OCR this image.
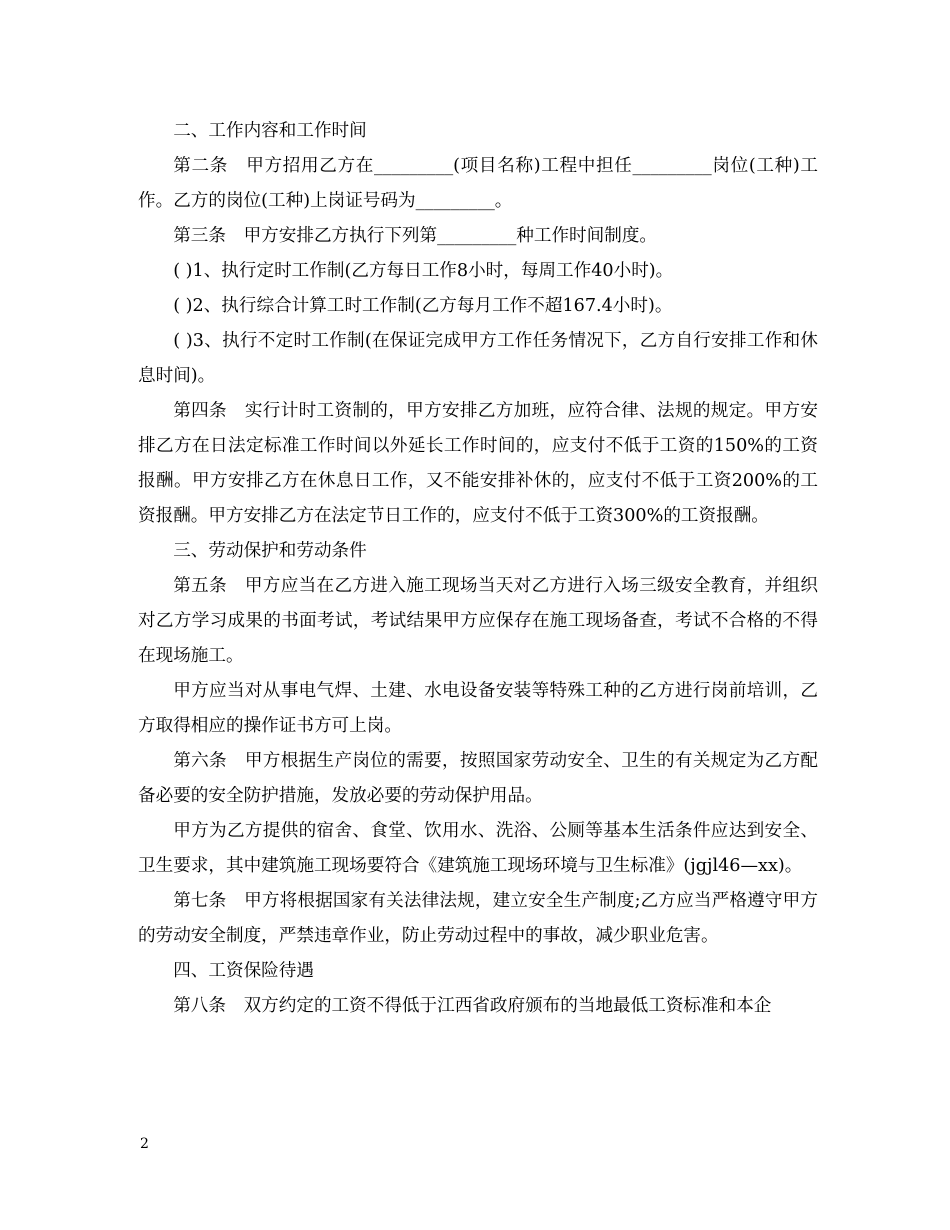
二、工作内容和工作时间

第二条　甲方招用乙方在_________(项目名称)工程中担任_________岗位(工种)工作。乙方的岗位(工种)上岗证号码为_________。

第三条　甲方安排乙方执行下列第_________种工作时间制度。

( )1、执行定时工作制(乙方每日工作8小时，每周工作40小时)。

( )2、执行综合计算工时工作制(乙方每月工作不超167.4小时)。

( )3、执行不定时工作制(在保证完成甲方工作任务情况下，乙方自行安排工作和休息时间)。

第四条　实行计时工资制的，甲方安排乙方加班，应符合律、法规的规定。甲方安排乙方在日法定标准工作时间以外延长工作时间的，应支付不低于工资的150%的工资报酬。甲方安排乙方在休息日工作，又不能安排补休的，应支付不低于工资200%的工资报酬。甲方安排乙方在法定节日工作的，应支付不低于工资300%的工资报酬。

三、劳动保护和劳动条件

第五条　甲方应当在乙方进入施工现场当天对乙方进行入场三级安全教育，并组织对乙方学习成果的书面考试，考试结果甲方应保存在施工现场备查，考试不合格的不得在现场施工。

甲方应当对从事电气焊、土建、水电设备安装等特殊工种的乙方进行岗前培训，乙方取得相应的操作证书方可上岗。

第六条　甲方根据生产岗位的需要，按照国家劳动安全、卫生的有关规定为乙方配备必要的安全防护措施，发放必要的劳动保护用品。

甲方为乙方提供的宿舍、食堂、饮用水、洗浴、公厕等基本生活条件应达到安全、卫生要求，其中建筑施工现场要符合《建筑施工现场环境与卫生标准》(jgjl46—xx)。

第七条　甲方将根据国家有关法律法规，建立安全生产制度;乙方应当严格遵守甲方的劳动安全制度，严禁违章作业，防止劳动过程中的事故，减少职业危害。

四、工资保险待遇

第八条　双方约定的工资不得低于江西省政府颁布的当地最低工资标准和本企

2
